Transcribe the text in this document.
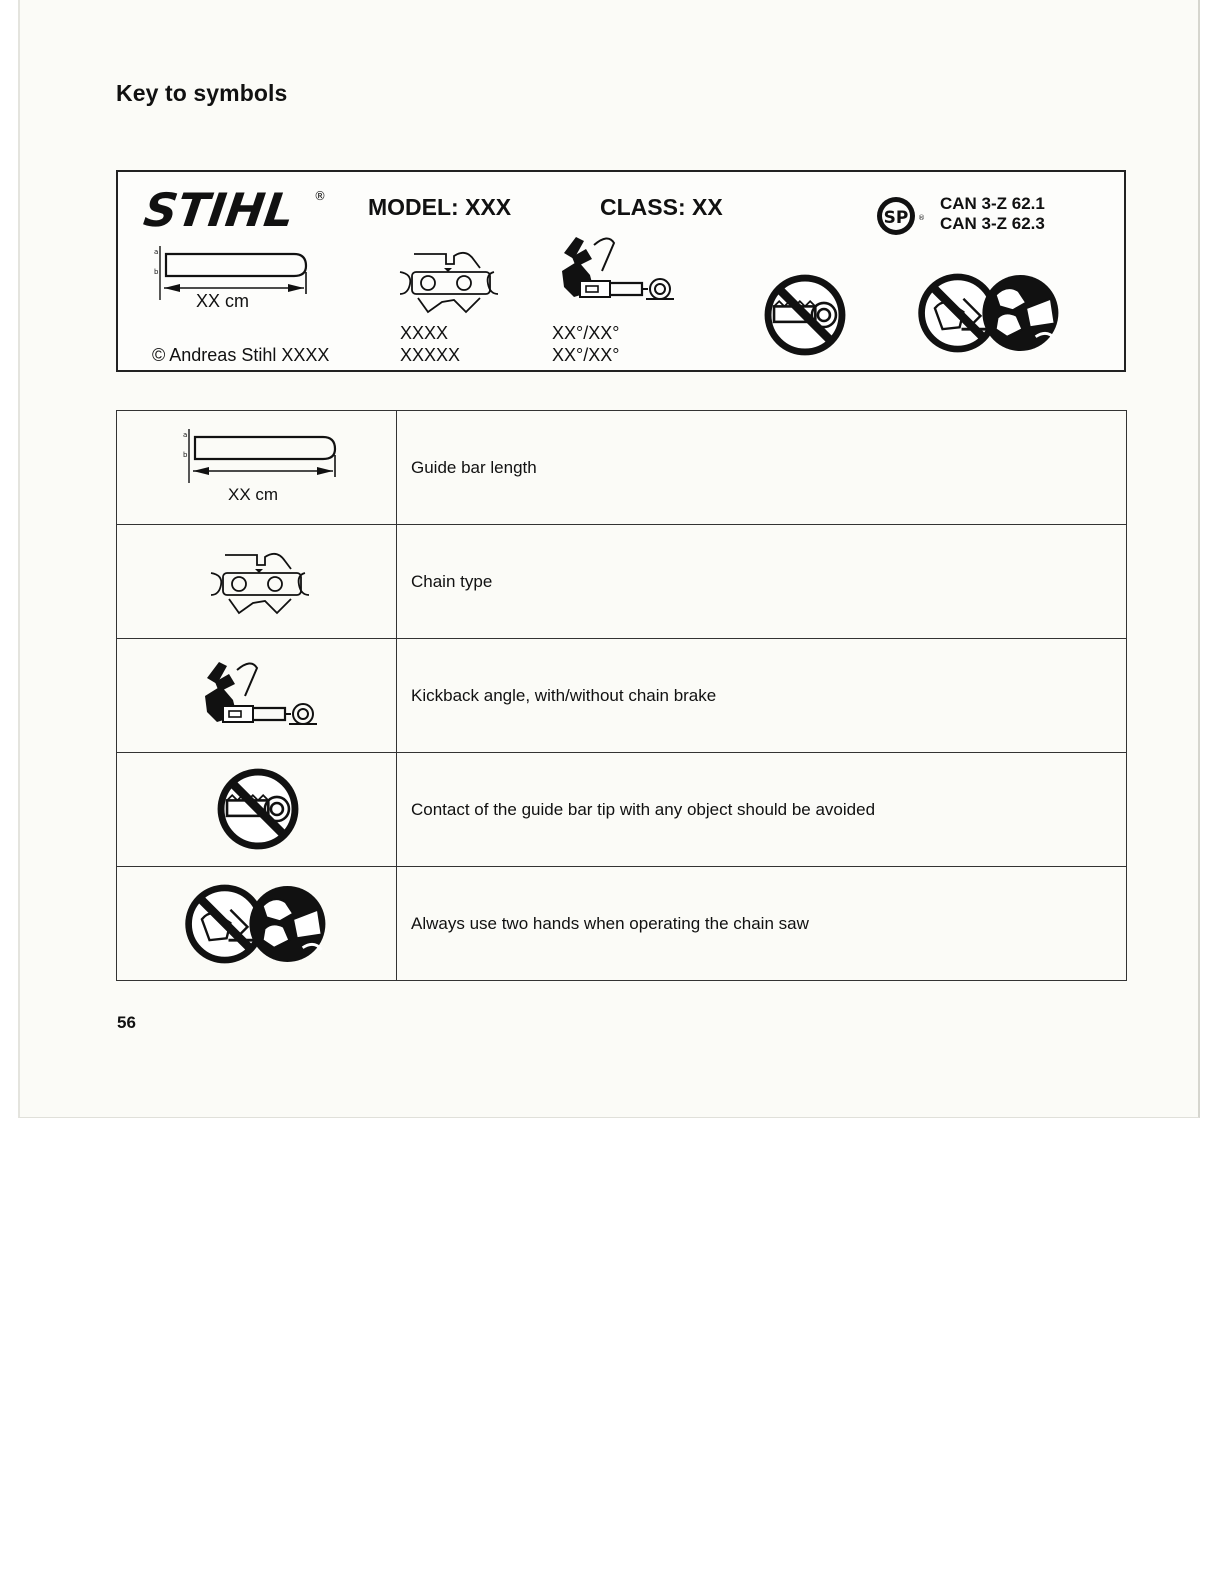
Key to symbols
STIHL ® MODEL: XXX	CLASS: XX	SP ®
CAN 3-Z 62.1
CAN 3-Z 62.3
XX cm
© Andreas Stihl XXXX
XXXX
XXXXX
XX°/XX°
XX°/XX°
XX cm	Guide bar length

	Chain type

	Kickback angle, with/without chain brake

	Contact of the guide bar tip with any object should be avoided

	Always use two hands when operating the chain saw
56
